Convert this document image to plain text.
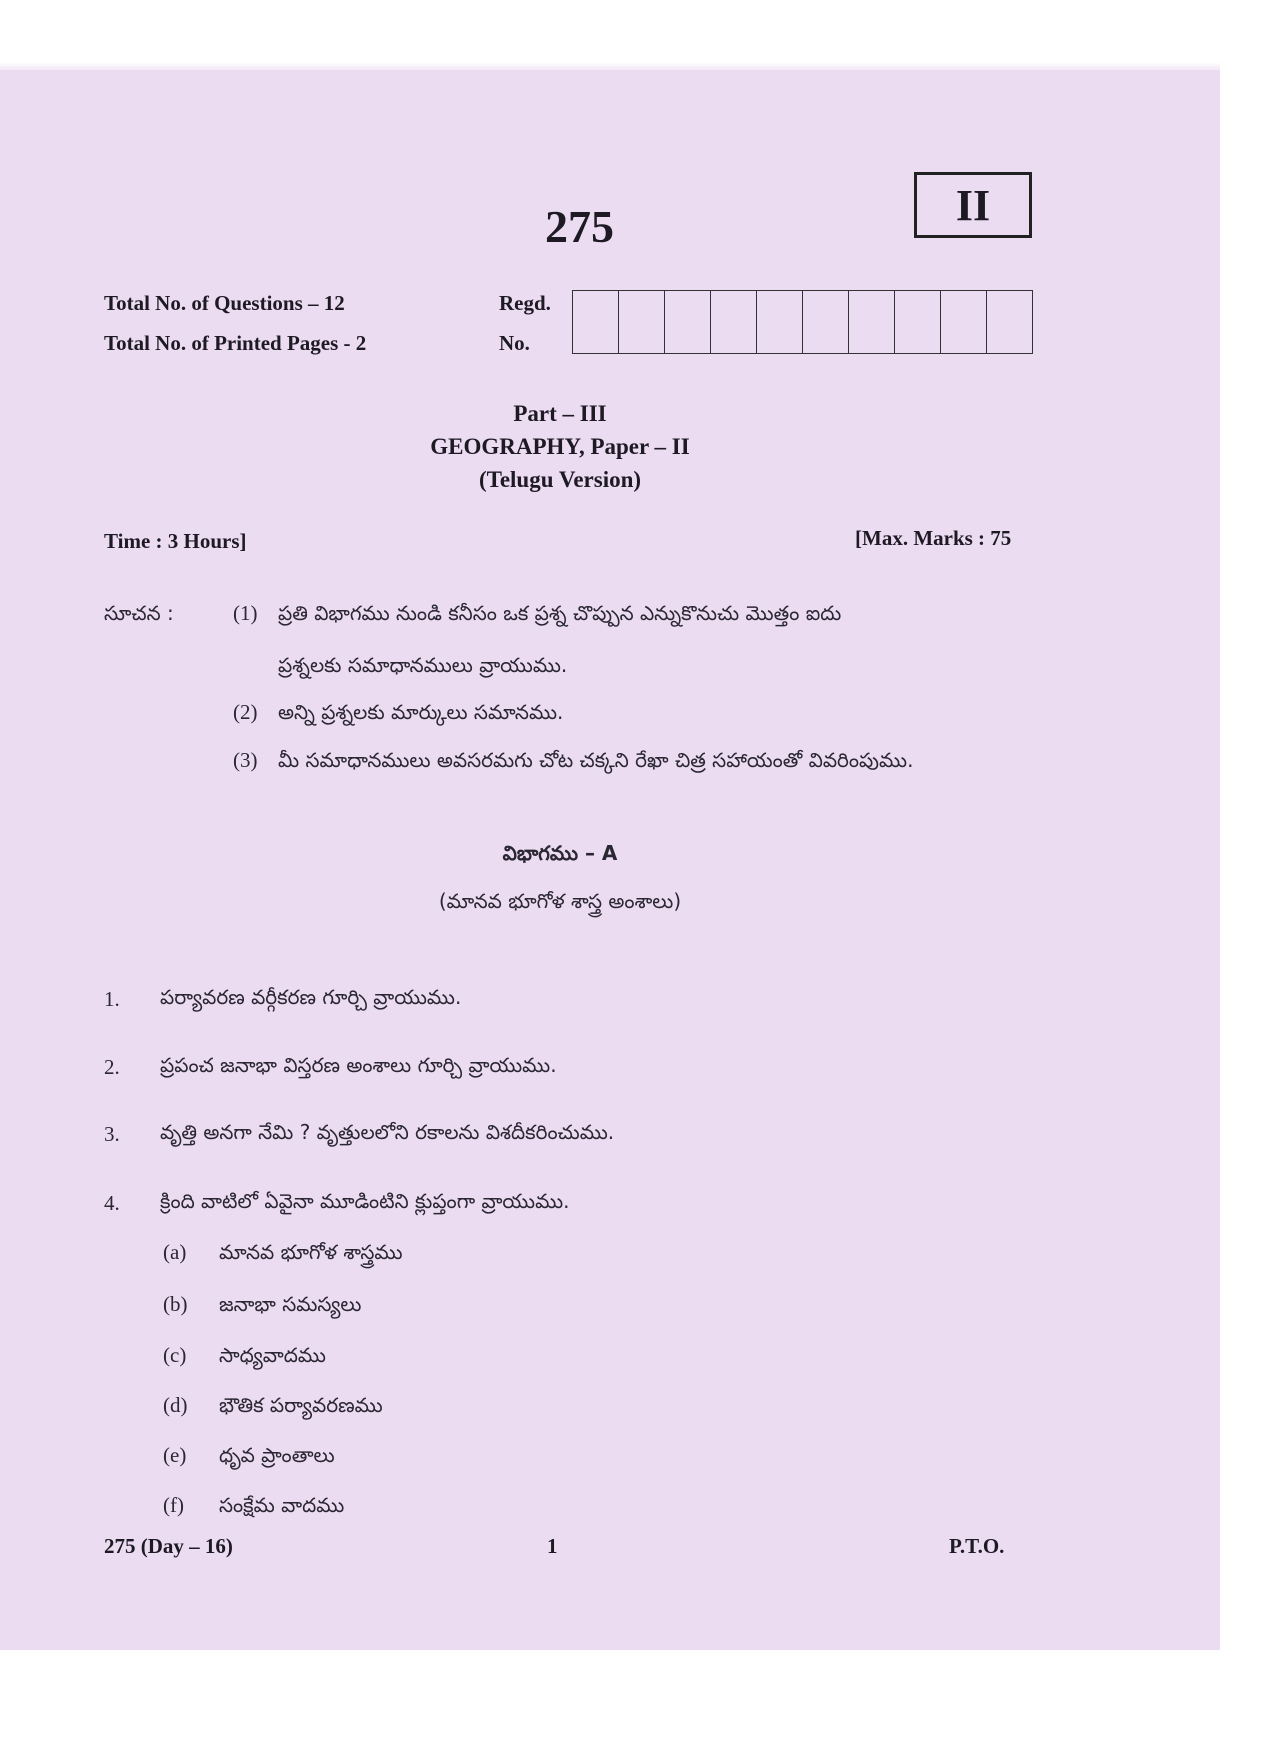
275	II
Total No. of Questions – 12
Total No. of Printed Pages - 2
Regd.
No.
Part – III
GEOGRAPHY, Paper – II
(Telugu Version)
Time : 3 Hours]	[Max. Marks : 75
సూచన :	(1) ప్రతి విభాగము నుండి కనీసం ఒక ప్రశ్న చొప్పున ఎన్నుకొనుచు మొత్తం ఐదు
ప్రశ్నలకు సమాధానములు వ్రాయుము.
(2) అన్ని ప్రశ్నలకు మార్కులు సమానము.
(3) మీ సమాధానములు అవసరమగు చోట చక్కని రేఖా చిత్ర సహాయంతో వివరింపుము.
విభాగము – A
(మానవ భూగోళ శాస్త్ర అంశాలు)
1. పర్యావరణ వర్గీకరణ గూర్చి వ్రాయుము.
2. ప్రపంచ జనాభా విస్తరణ అంశాలు గూర్చి వ్రాయుము.
3. వృత్తి అనగా నేమి ? వృత్తులలోని రకాలను విశదీకరించుము.
4. క్రింది వాటిలో ఏవైనా మూడింటిని క్లుప్తంగా వ్రాయుము.
(a) మానవ భూగోళ శాస్త్రము
(b) జనాభా సమస్యలు
(c) సాధ్యవాదము
(d) భౌతిక పర్యావరణము
(e) ధృవ ప్రాంతాలు
(f) సంక్షేమ వాదము
275 (Day – 16)	1	P.T.O.
